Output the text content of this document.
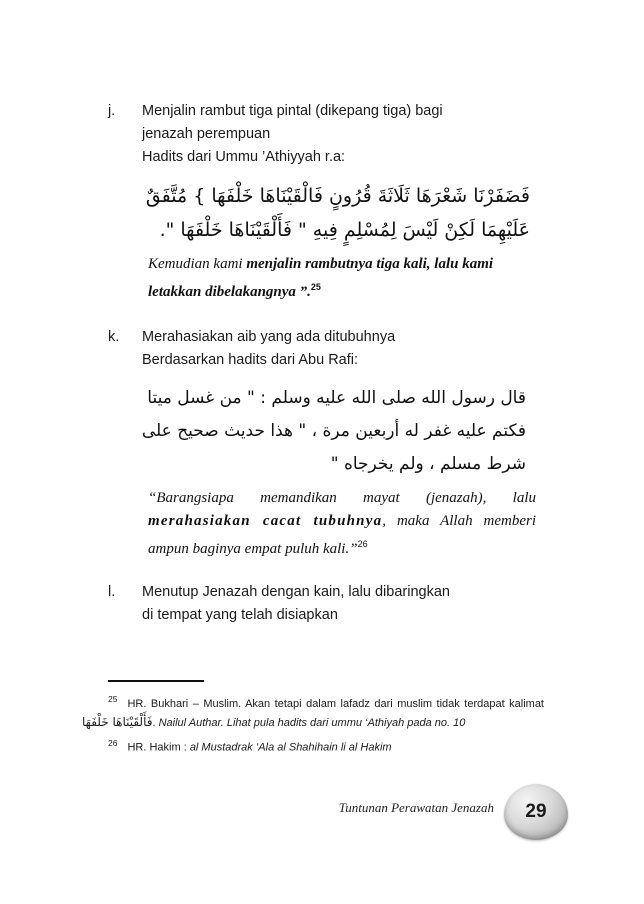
j.	Menjalin rambut tiga pintal (dikepang tiga) bagi
jenazah perempuan
Hadits dari Ummu ’Athiyyah r.a:
فَضَفَرْنَا شَعْرَهَا ثَلَاثَةَ قُرُونٍ فَالْقَيْنَاهَا خَلْفَهَا } مُتَّفَقٌ عَلَيْهِمَا لَكِنْ لَيْسَ لِمُسْلِمٍ فِيهِ " فَأَلْقَيْنَاهَا خَلْفَهَا ".
Kemudian kami menjalin rambutnya tiga kali, lalu kami letakkan dibelakangnya ”.$^{25}$
k.	Merahasiakan aib yang ada ditubuhnya
Berdasarkan hadits dari Abu Rafi:
قال رسول الله صلى الله عليه وسلم : " من غسل ميتا فكتم عليه غفر له أربعين مرة ، " هذا حديث صحيح على شرط مسلم ، ولم يخرجاه "
“Barangsiapa memandikan mayat (jenazah), lalu merahasiakan cacat tubuhnya, maka Allah memberi ampun baginya empat puluh kali.”$^{26}$
l.	Menutup Jenazah dengan kain, lalu dibaringkan
di tempat yang telah disiapkan
$^{25}$ HR. Bukhari – Muslim. Akan tetapi dalam lafadz dari muslim tidak terdapat kalimat فَأَلْقَيْنَاهَا خَلْفَهَا. Nailul Authar. Lihat pula hadits dari ummu ‘Athiyah pada no. 10
$^{26}$ HR. Hakim : al Mustadrak ‘Ala al Shahihain li al Hakim
Tuntunan Perawatan Jenazah	29
